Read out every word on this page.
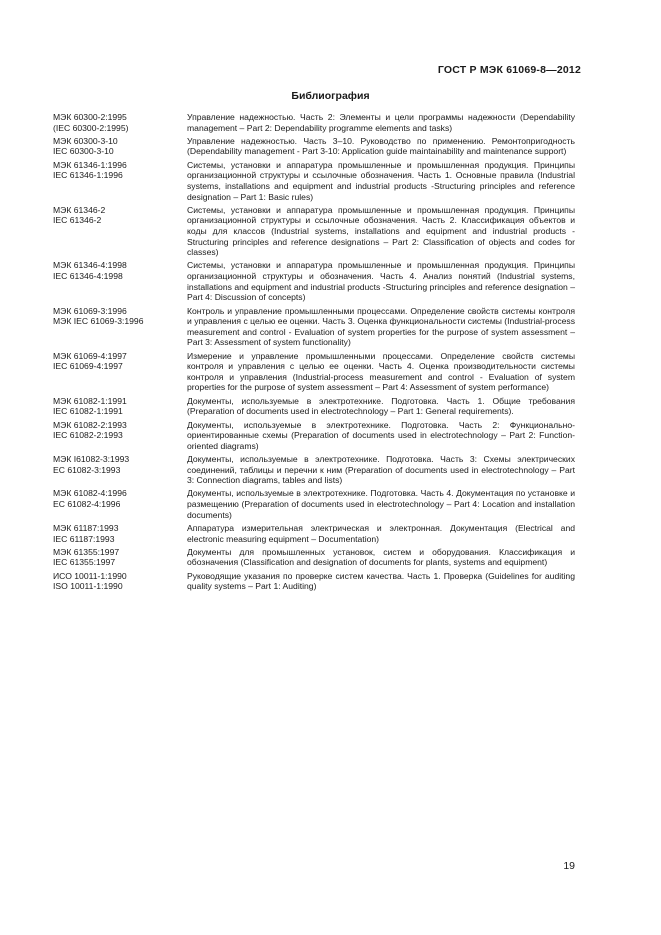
ГОСТ Р МЭК 61069-8—2012
Библиография
МЭК 60300-2:1995
(IEC 60300-2:1995)
Управление надежностью. Часть 2: Элементы и цели программы надежности (Dependability management – Part 2: Dependability programme elements and tasks)
МЭК 60300-3-10
IEC 60300-3-10
Управление надежностью. Часть 3–10. Руководство по применению. Ремонтопригодность (Dependability management - Part 3-10: Application guide maintainability and maintenance support)
МЭК 61346-1:1996
IEC 61346-1:1996
Системы, установки и аппаратура промышленные и промышленная продукция. Принципы организационной структуры и ссылочные обозначения. Часть 1. Основные правила (Industrial systems, installations and equipment and industrial products -Structuring principles and reference designation – Part 1: Basic rules)
МЭК 61346-2
IEC 61346-2
Системы, установки и аппаратура промышленные и промышленная продукция. Принципы организационной структуры и ссылочные обозначения. Часть 2. Классификация объектов и коды для классов (Industrial systems, installations and equipment and industrial products -Structuring principles and reference designations – Part 2: Classification of objects and codes for classes)
МЭК 61346-4:1998
IEC 61346-4:1998
Системы, установки и аппаратура промышленные и промышленная продукция. Принципы организационной структуры и обозначения. Часть 4. Анализ понятий (Industrial systems, installations and equipment and industrial products -Structuring principles and reference designation – Part 4: Discussion of concepts)
МЭК 61069-3:1996
МЭК IEC 61069-3:1996
Контроль и управление промышленными процессами. Определение свойств системы контроля и управления с целью ее оценки. Часть 3. Оценка функциональности системы (Industrial-process measurement and control - Evaluation of system properties for the purpose of system assessment – Part 3: Assessment of system functionality)
МЭК 61069-4:1997
IEC 61069-4:1997
Измерение и управление промышленными процессами. Определение свойств системы контроля и управления с целью ее оценки. Часть 4. Оценка производительности системы контроля и управления (Industrial-process measurement and control - Evaluation of system properties for the purpose of system assessment – Part 4: Assessment of system performance)
МЭК 61082-1:1991
IEC 61082-1:1991
Документы, используемые в электротехнике. Подготовка. Часть 1. Общие требования (Preparation of documents used in electrotechnology – Part 1: General requirements).
МЭК 61082-2:1993
IEC 61082-2:1993
Документы, используемые в электротехнике. Подготовка. Часть 2: Функционально-ориентированные схемы (Preparation of documents used in electrotechnology – Part 2: Function-oriented diagrams)
МЭК I61082-3:1993
ЕС 61082-3:1993
Документы, используемые в электротехнике. Подготовка. Часть 3: Схемы электрических соединений, таблицы и перечни к ним (Preparation of documents used in electrotechnology – Part 3: Connection diagrams, tables and lists)
МЭК 61082-4:1996
ЕС 61082-4:1996
Документы, используемые в электротехнике. Подготовка. Часть 4. Документация по установке и размещению (Preparation of documents used in electrotechnology – Part 4: Location and installation documents)
МЭК 61187:1993
IEC 61187:1993
Аппаратура измерительная электрическая и электронная. Документация (Electrical and electronic measuring equipment – Documentation)
МЭК 61355:1997
IEC 61355:1997
Документы для промышленных установок, систем и оборудования. Классификация и обозначения (Classification and designation of documents for plants, systems and equipment)
ИСО 10011-1:1990
ISO 10011-1:1990
Руководящие указания по проверке систем качества. Часть 1. Проверка (Guidelines for auditing quality systems – Part 1: Auditing)
19
